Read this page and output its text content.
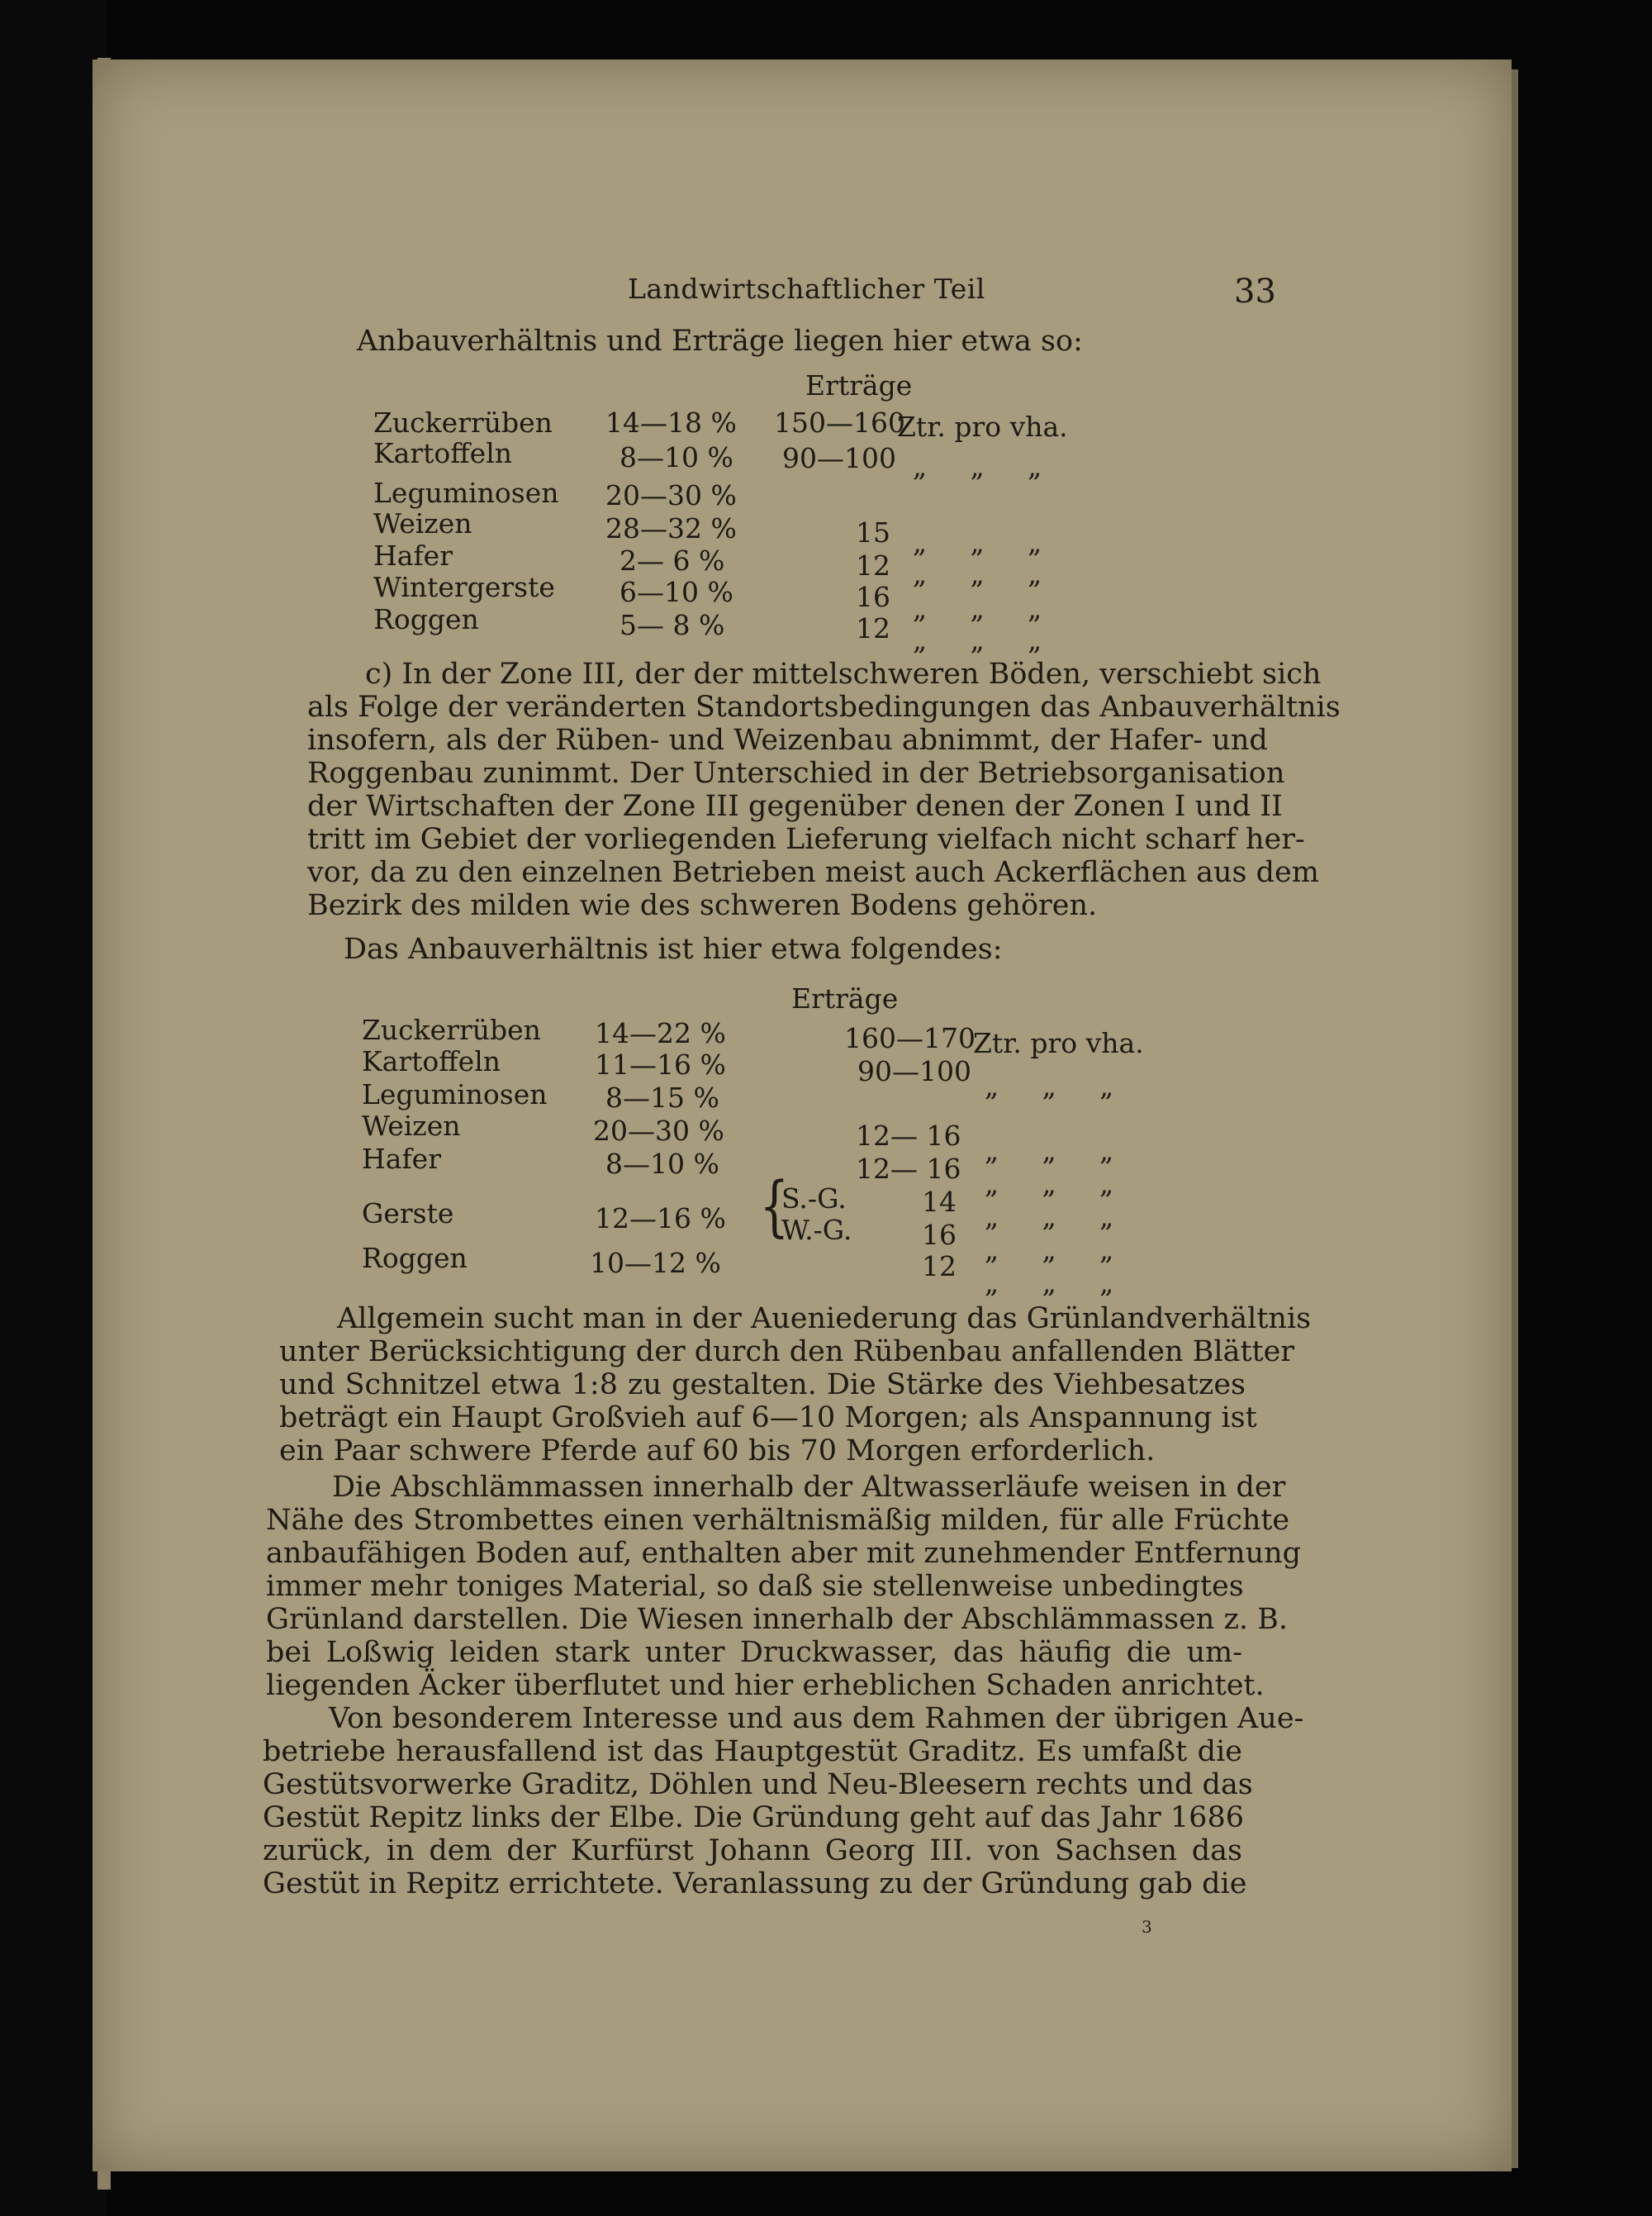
Landwirtschaftlicher Teil	33
Anbauverhältnis und Erträge liegen hier etwa so:
Erträge
Zuckerrüben 14—18 % 150—160
Ztr. pro vha.
Kartoffeln	8—10 % 90—100 „ „ „
Leguminosen 20—30 %
Weizen	28—32 %	15 „ „ „
Hafer	2— 6 %	12 „ „ „
Wintergerste 6—10 %	16 „ „ „
Roggen	5— 8 %	12 „ „ „
c) In der Zone III, der der mittelschweren Böden, verschiebt sich
als Folge der veränderten Standortsbedingungen das Anbauverhältnis
insofern, als der Rüben- und Weizenbau abnimmt, der Hafer- und
Roggenbau zunimmt. Der Unterschied in der Betriebsorganisation
der Wirtschaften der Zone III gegenüber denen der Zonen I und II
tritt im Gebiet der vorliegenden Lieferung vielfach nicht scharf her-
vor, da zu den einzelnen Betrieben meist auch Ackerflächen aus dem
Bezirk des milden wie des schweren Bodens gehören.
Das Anbauverhältnis ist hier etwa folgendes:
Erträge
Zuckerrüben 14—22 %	160—170
Ztr. pro vha.
Kartoffeln	11—16 %	90—100 „ „ „
Leguminosen 8—15 %
Weizen	20—30 %	12— 16 „ „ „
Hafer	8—10 %	12— 16 „ „ „
Gerste	12—16 % {
S.-G.	14 „ „ „
W.-G.	16 „ „ „
Roggen	10—12 %	12
„ „ „
Allgemein sucht man in der Aueniederung das Grünlandverhältnis
unter Berücksichtigung der durch den Rübenbau anfallenden Blätter
und Schnitzel etwa 1:8 zu gestalten. Die Stärke des Viehbesatzes
beträgt ein Haupt Großvieh auf 6—10 Morgen; als Anspannung ist
ein Paar schwere Pferde auf 60 bis 70 Morgen erforderlich.
Die Abschlämmassen innerhalb der Altwasserläufe weisen in der
Nähe des Strombettes einen verhältnismäßig milden, für alle Früchte
anbaufähigen Boden auf, enthalten aber mit zunehmender Entfernung
immer mehr toniges Material, so daß sie stellenweise unbedingtes
Grünland darstellen. Die Wiesen innerhalb der Abschlämmassen z. B.
bei Loßwig leiden stark unter Druckwasser, das häufig die um-
liegenden Äcker überflutet und hier erheblichen Schaden anrichtet.
Von besonderem Interesse und aus dem Rahmen der übrigen Aue-
betriebe herausfallend ist das Hauptgestüt Graditz. Es umfaßt die
Gestütsvorwerke Graditz, Döhlen und Neu-Bleesern rechts und das
Gestüt Repitz links der Elbe. Die Gründung geht auf das Jahr 1686
zurück, in dem der Kurfürst Johann Georg III. von Sachsen das
Gestüt in Repitz errichtete. Veranlassung zu der Gründung gab die
3
